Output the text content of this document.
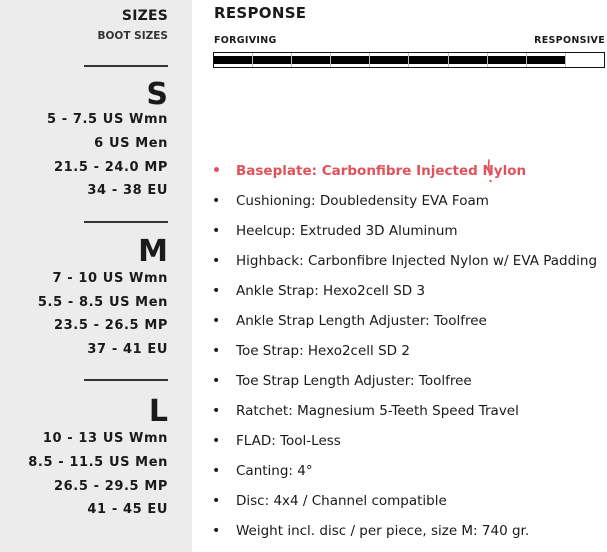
SIZES
BOOT SIZES
S
5 - 7.5 US Wmn
6 US Men
21.5 - 24.0 MP
34 - 38 EU
M
7 - 10 US Wmn
5.5 - 8.5 US Men
23.5 - 26.5 MP
37 - 41 EU
L
10 - 13 US Wmn
8.5 - 11.5 US Men
26.5 - 29.5 MP
41 - 45 EU
RESPONSE
FORGIVING	RESPONSIVE
• Baseplate: Carbonfibre Injected Nylon
• Cushioning: Doubledensity EVA Foam
• Heelcup: Extruded 3D Aluminum
• Highback: Carbonfibre Injected Nylon w/ EVA Padding
• Ankle Strap: Hexo2cell SD 3
• Ankle Strap Length Adjuster: Toolfree
• Toe Strap: Hexo2cell SD 2
• Toe Strap Length Adjuster: Toolfree
• Ratchet: Magnesium 5-Teeth Speed Travel
• FLAD: Tool-Less
• Canting: 4°
• Disc: 4x4 / Channel compatible
• Weight incl. disc / per piece, size M: 740 gr.
